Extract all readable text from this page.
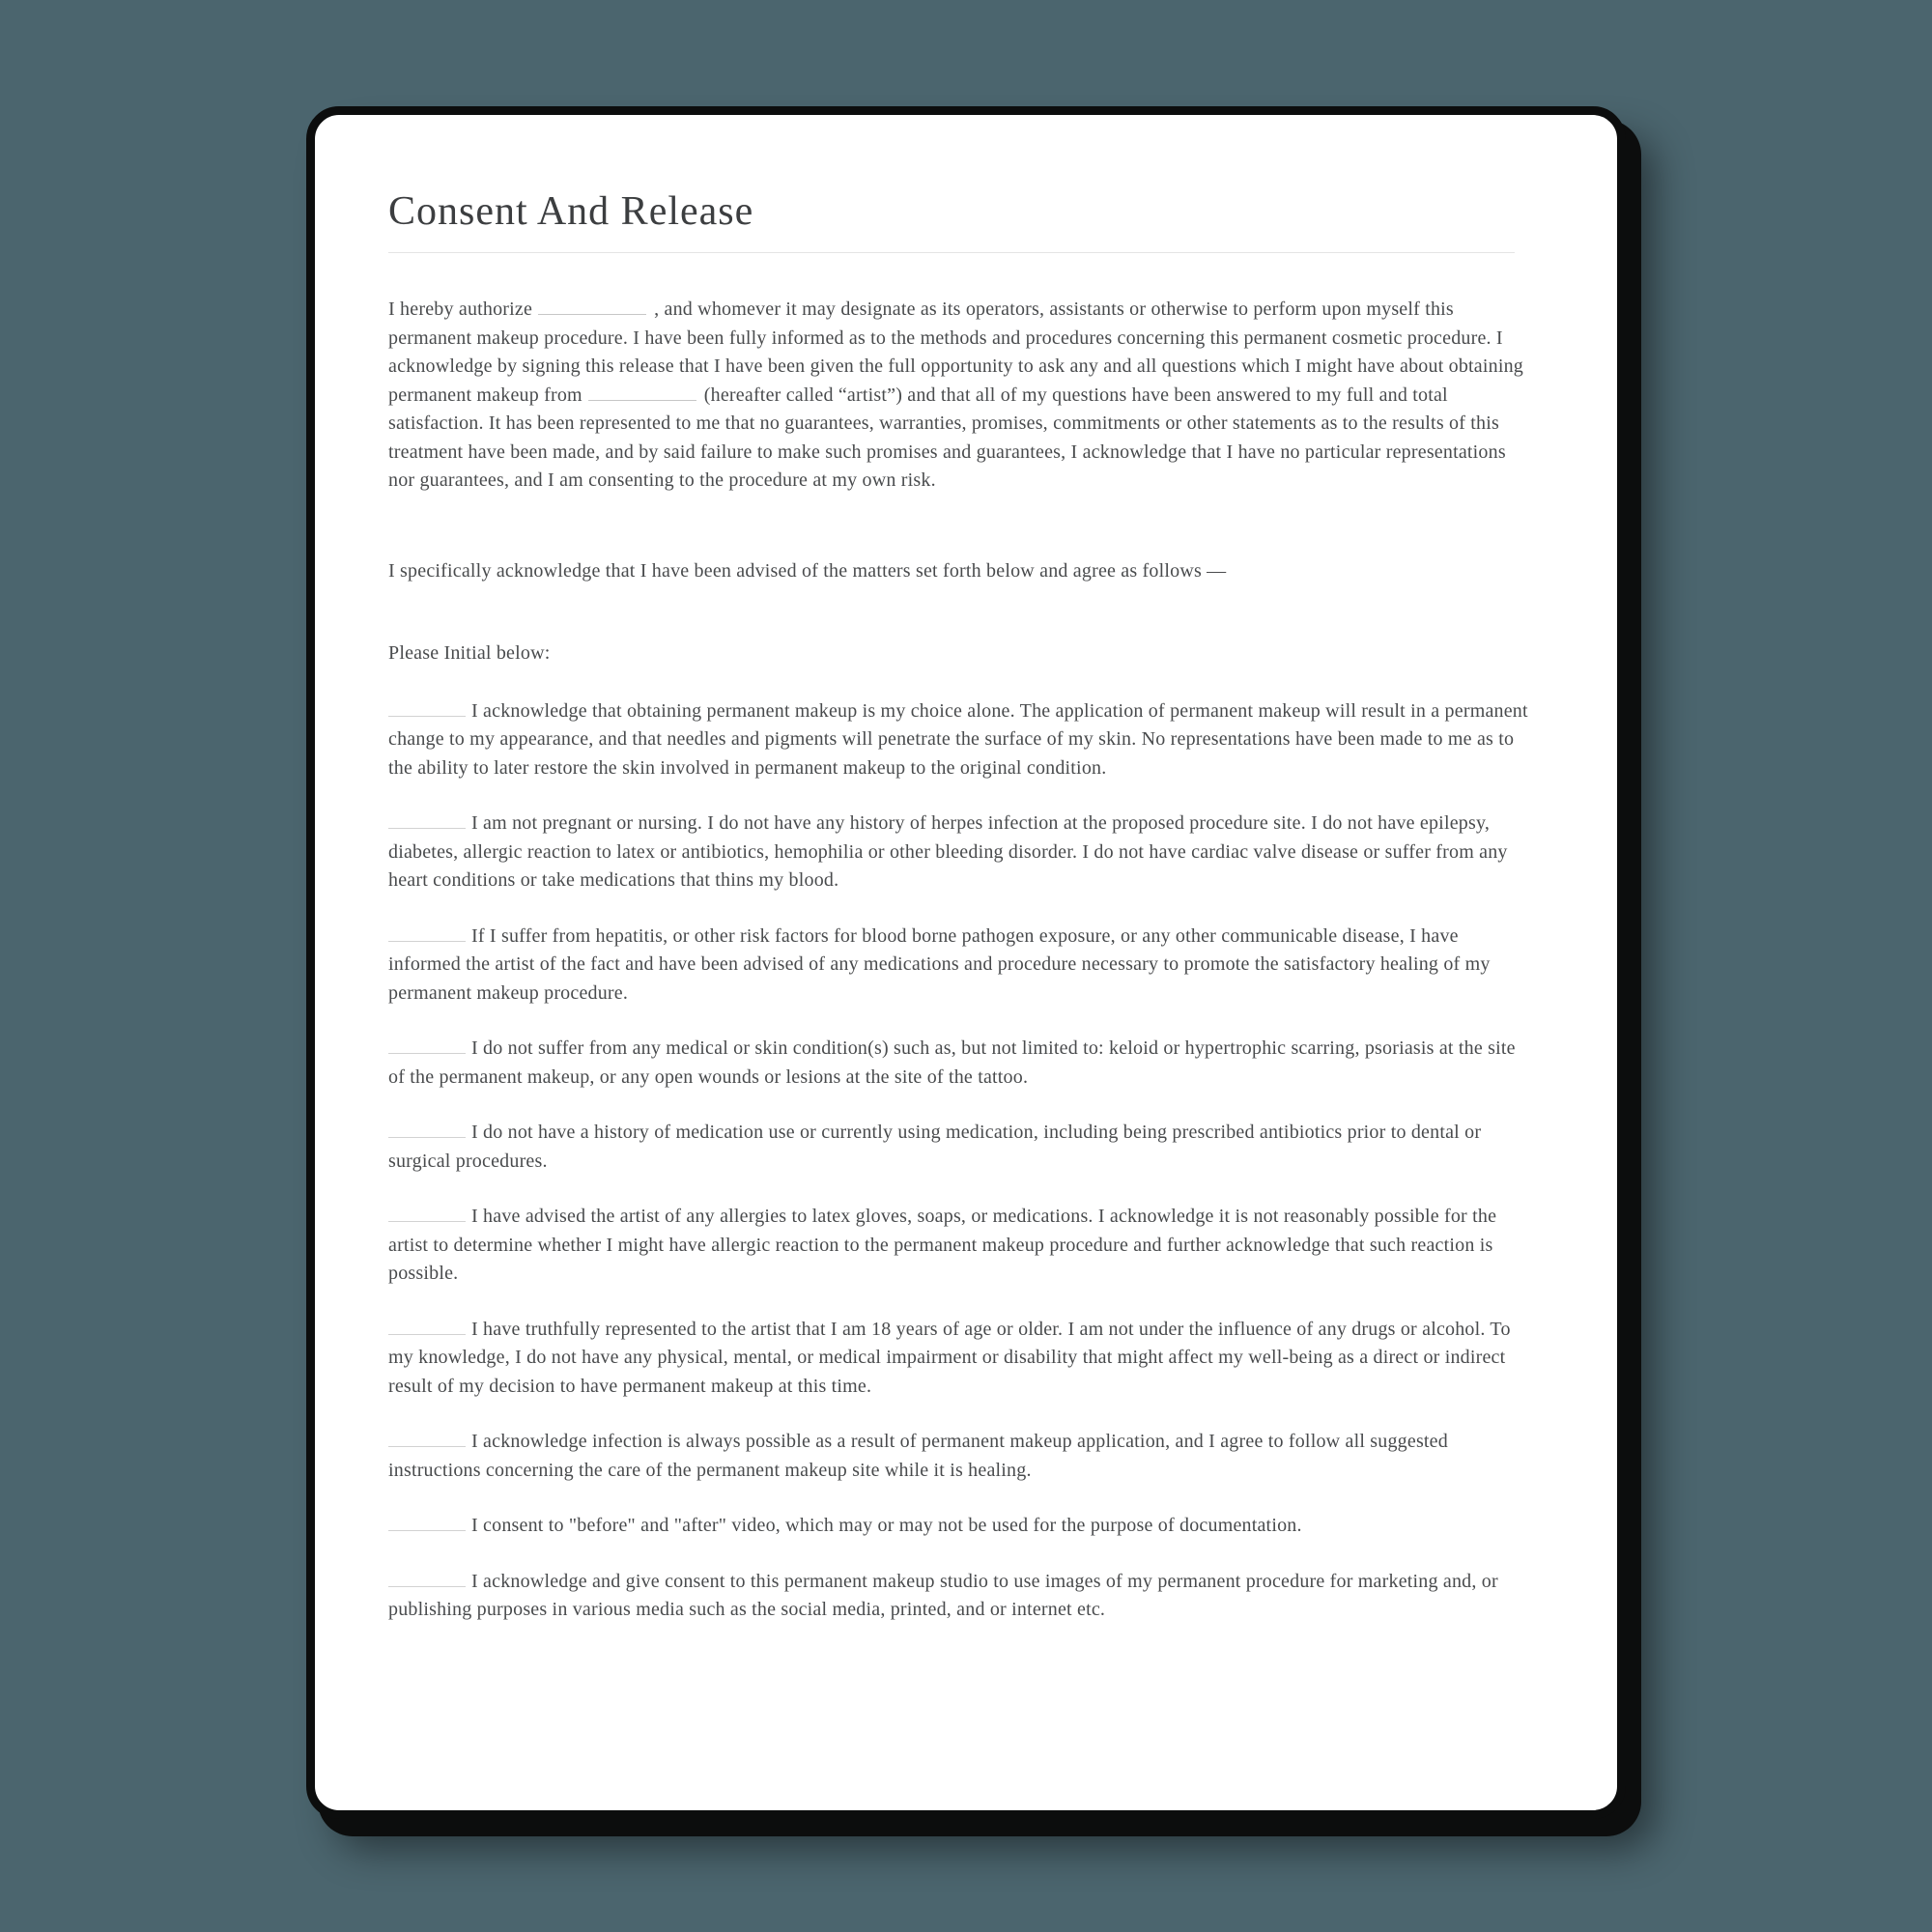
Consent And Release

I hereby authorize	, and whomever it may designate as its operators, assistants or otherwise to perform upon myself this permanent makeup procedure. I have been fully informed as to the methods and procedures concerning this permanent cosmetic procedure. I acknowledge by signing this release that I have been given the full opportunity to ask any and all questions which I might have about obtaining permanent makeup from	(hereafter called “artist”) and that all of my questions have been answered to my full and total satisfaction. It has been represented to me that no guarantees, warranties, promises, commitments or other statements as to the results of this treatment have been made, and by said failure to make such promises and guarantees, I acknowledge that I have no particular representations nor guarantees, and I am consenting to the procedure at my own risk.

I specifically acknowledge that I have been advised of the matters set forth below and agree as follows —

Please Initial below:

I acknowledge that obtaining permanent makeup is my choice alone. The application of permanent makeup will result in a permanent change to my appearance, and that needles and pigments will penetrate the surface of my skin. No representations have been made to me as to the ability to later restore the skin involved in permanent makeup to the original condition.

I am not pregnant or nursing. I do not have any history of herpes infection at the proposed procedure site. I do not have epilepsy, diabetes, allergic reaction to latex or antibiotics, hemophilia or other bleeding disorder. I do not have cardiac valve disease or suffer from any heart conditions or take medications that thins my blood.

If I suffer from hepatitis, or other risk factors for blood borne pathogen exposure, or any other communicable disease, I have informed the artist of the fact and have been advised of any medications and procedure necessary to promote the satisfactory healing of my permanent makeup procedure.

I do not suffer from any medical or skin condition(s) such as, but not limited to: keloid or hypertrophic scarring, psoriasis at the site of the permanent makeup, or any open wounds or lesions at the site of the tattoo.

I do not have a history of medication use or currently using medication, including being prescribed antibiotics prior to dental or surgical procedures.

I have advised the artist of any allergies to latex gloves, soaps, or medications. I acknowledge it is not reasonably possible for the artist to determine whether I might have allergic reaction to the permanent makeup procedure and further acknowledge that such reaction is possible.

I have truthfully represented to the artist that I am 18 years of age or older. I am not under the influence of any drugs or alcohol. To my knowledge, I do not have any physical, mental, or medical impairment or disability that might affect my well-being as a direct or indirect result of my decision to have permanent makeup at this time.

I acknowledge infection is always possible as a result of permanent makeup application, and I agree to follow all suggested instructions concerning the care of the permanent makeup site while it is healing.

I consent to "before" and "after" video, which may or may not be used for the purpose of documentation.

I acknowledge and give consent to this permanent makeup studio to use images of my permanent procedure for marketing and, or publishing purposes in various media such as the social media, printed, and or internet etc.
